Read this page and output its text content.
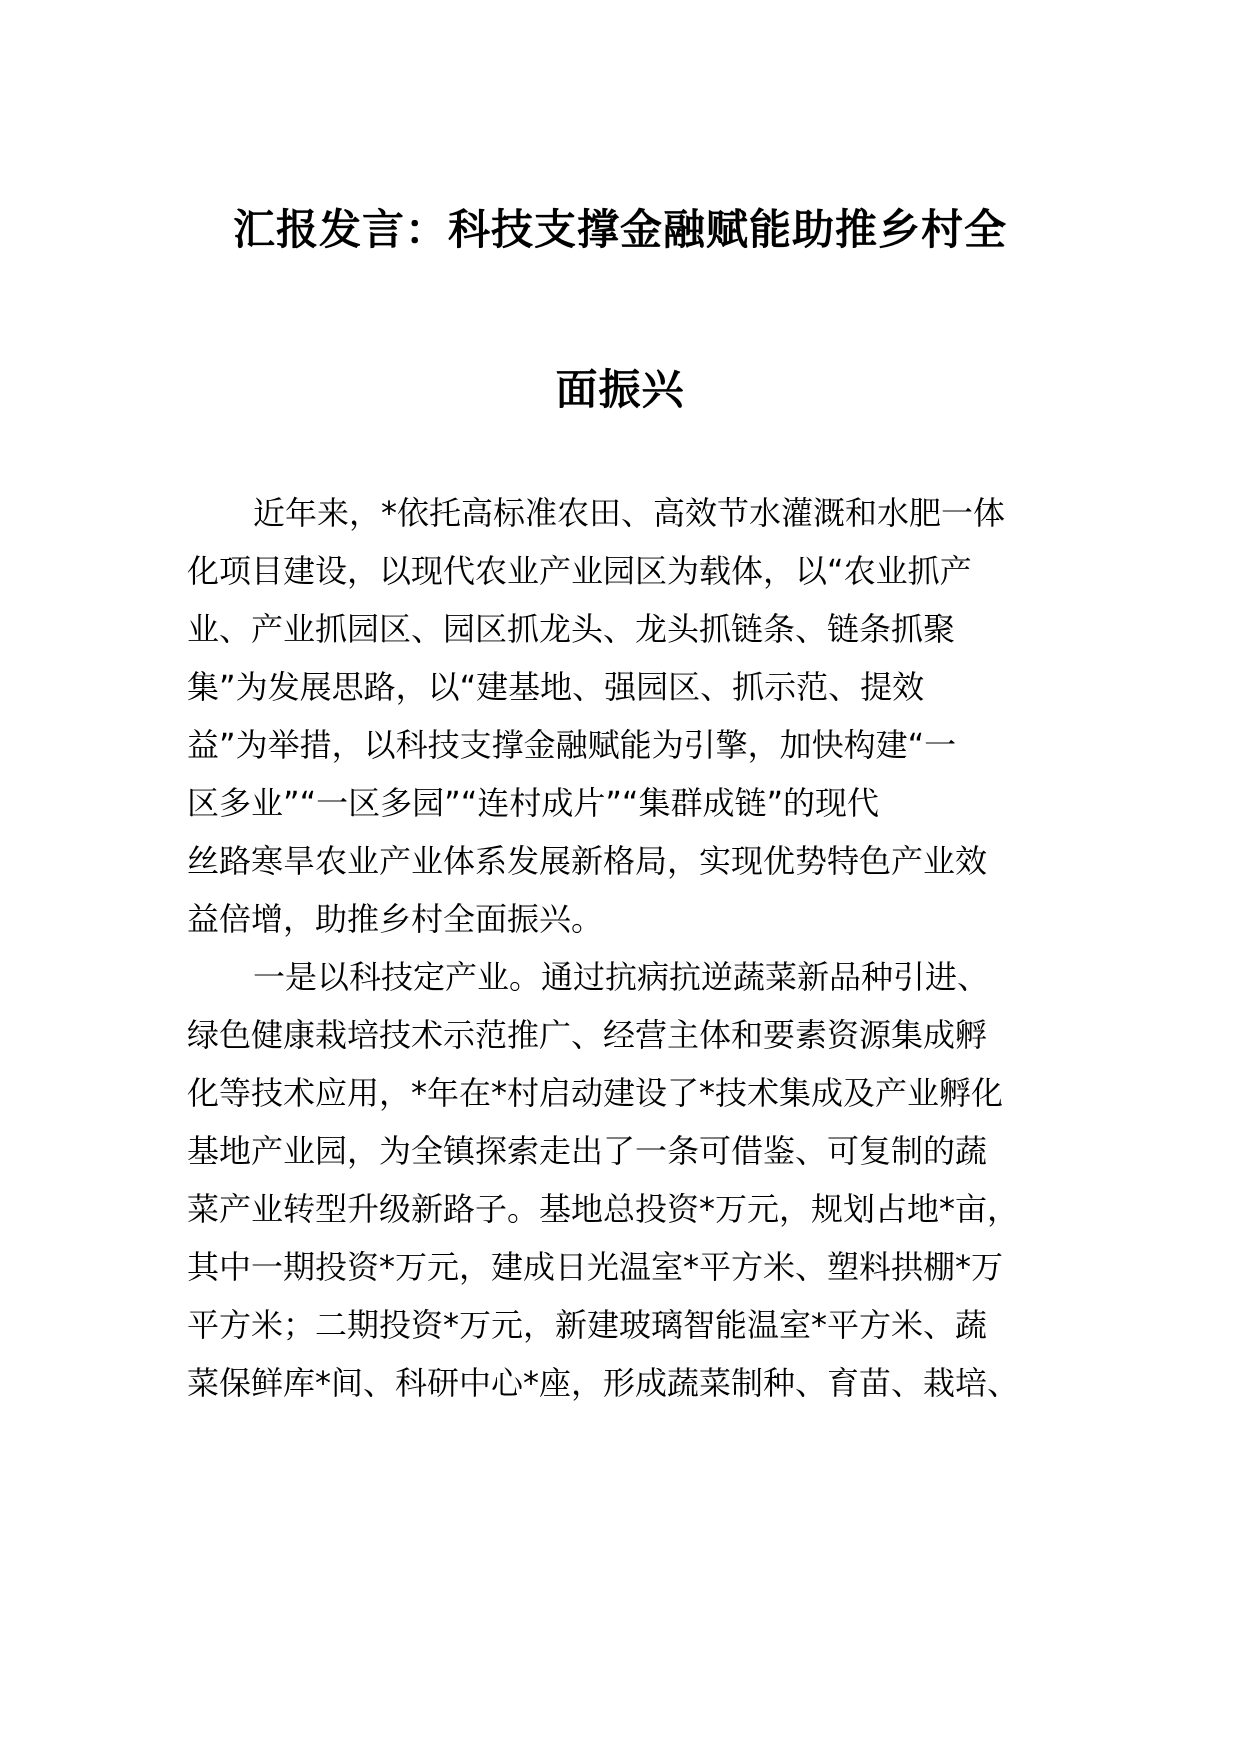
汇报发言：科技支撑金融赋能助推乡村全
面振兴
近年来，*依托高标准农田、高效节水灌溉和水肥一体
化项目建设，以现代农业产业园区为载体，以“农业抓产
业、产业抓园区、园区抓龙头、龙头抓链条、链条抓聚
集”为发展思路，以“建基地、强园区、抓示范、提效
益”为举措，以科技支撑金融赋能为引擎，加快构建“一
区多业”“一区多园”“连村成片”“集群成链”的现代
丝路寒旱农业产业体系发展新格局，实现优势特色产业效
益倍增，助推乡村全面振兴。
一是以科技定产业。通过抗病抗逆蔬菜新品种引进、
绿色健康栽培技术示范推广、经营主体和要素资源集成孵
化等技术应用，*年在*村启动建设了*技术集成及产业孵化
基地产业园，为全镇探索走出了一条可借鉴、可复制的蔬
菜产业转型升级新路子。基地总投资*万元，规划占地*亩，
其中一期投资*万元，建成日光温室*平方米、塑料拱棚*万
平方米；二期投资*万元，新建玻璃智能温室*平方米、蔬
菜保鲜库*间、科研中心*座，形成蔬菜制种、育苗、栽培、
